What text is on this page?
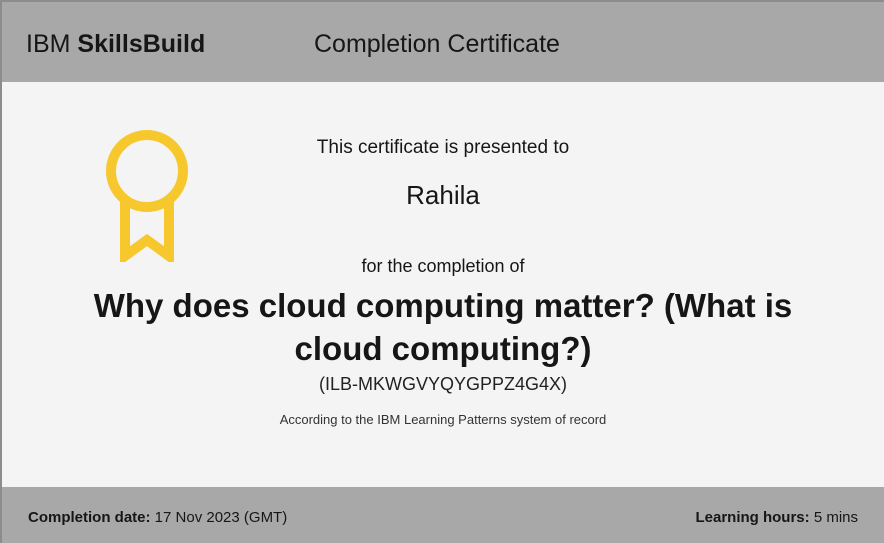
IBM SkillsBuild	Completion Certificate
This certificate is presented to
Rahila
for the completion of
Why does cloud computing matter? (What is cloud computing?)
(ILB-MKWGVYQYGPPZ4G4X)
According to the IBM Learning Patterns system of record
Completion date: 17 Nov 2023 (GMT)	Learning hours: 5 mins
